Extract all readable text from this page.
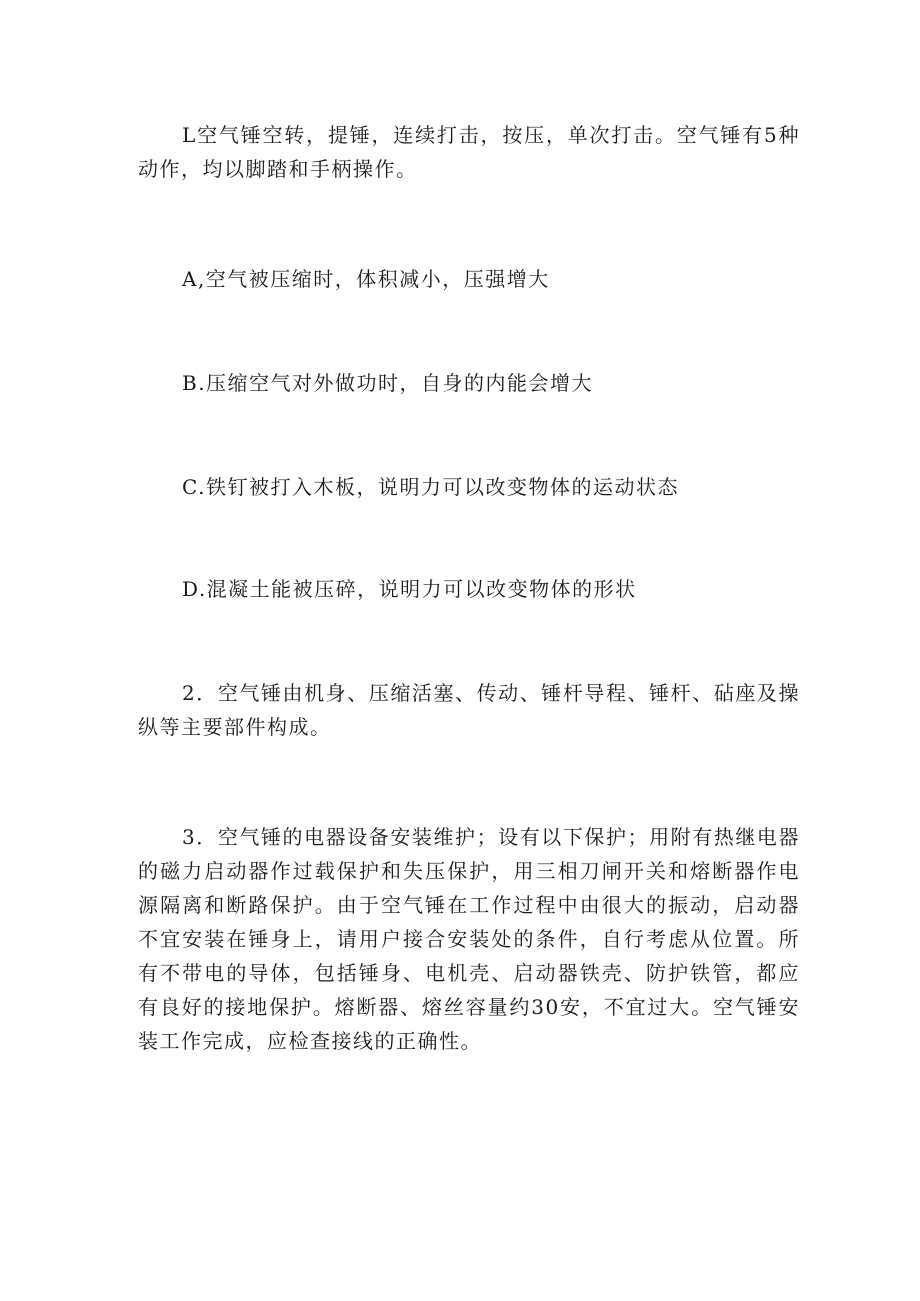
L空气锤空转，提锤，连续打击，按压，单次打击。空气锤有5种动作，均以脚踏和手柄操作。

A,空气被压缩时，体积减小，压强增大

B.压缩空气对外做功时，自身的内能会增大

C.铁钉被打入木板，说明力可以改变物体的运动状态

D.混凝土能被压碎，说明力可以改变物体的形状

2．空气锤由机身、压缩活塞、传动、锤杆导程、锤杆、砧座及操纵等主要部件构成。

3．空气锤的电器设备安装维护；设有以下保护；用附有热继电器的磁力启动器作过载保护和失压保护，用三相刀闸开关和熔断器作电源隔离和断路保护。由于空气锤在工作过程中由很大的振动，启动器不宜安装在锤身上，请用户接合安装处的条件，自行考虑从位置。所有不带电的导体，包括锤身、电机壳、启动器铁壳、防护铁管，都应有良好的接地保护。熔断器、熔丝容量约30安，不宜过大。空气锤安装工作完成，应检查接线的正确性。
